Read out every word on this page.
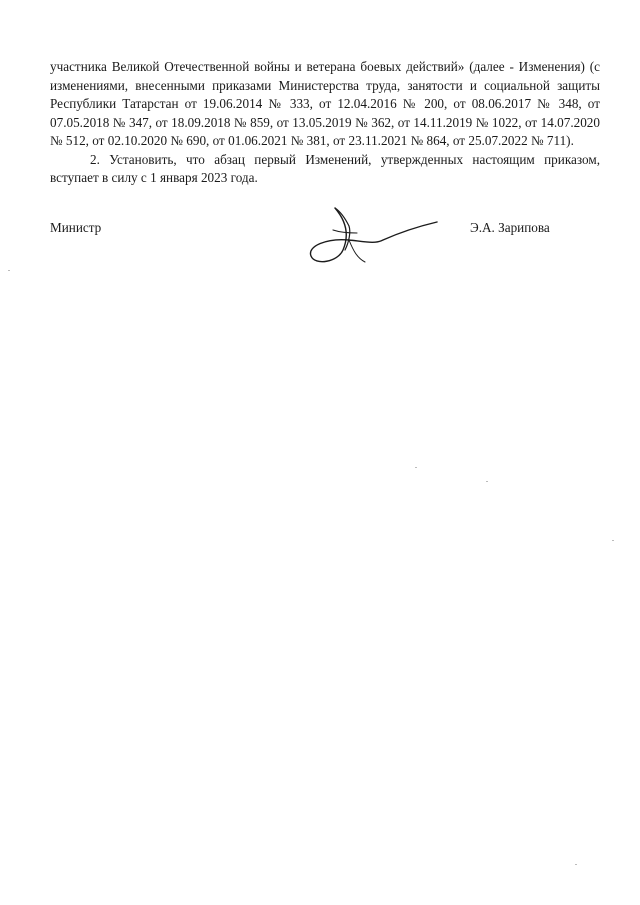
участника Великой Отечественной войны и ветерана боевых действий» (далее - Изменения) (с изменениями, внесенными приказами Министерства труда, занятости и социальной защиты Республики Татарстан от 19.06.2014 № 333, от 12.04.2016 № 200, от 08.06.2017 № 348, от 07.05.2018 № 347, от 18.09.2018 № 859, от 13.05.2019 № 362, от 14.11.2019 № 1022, от 14.07.2020 № 512, от 02.10.2020 № 690, от 01.06.2021 № 381, от 23.11.2021 № 864, от 25.07.2022 № 711).

2. Установить, что абзац первый Изменений, утвержденных настоящим приказом, вступает в силу с 1 января 2023 года.

Министр	Э.А. Зарипова
